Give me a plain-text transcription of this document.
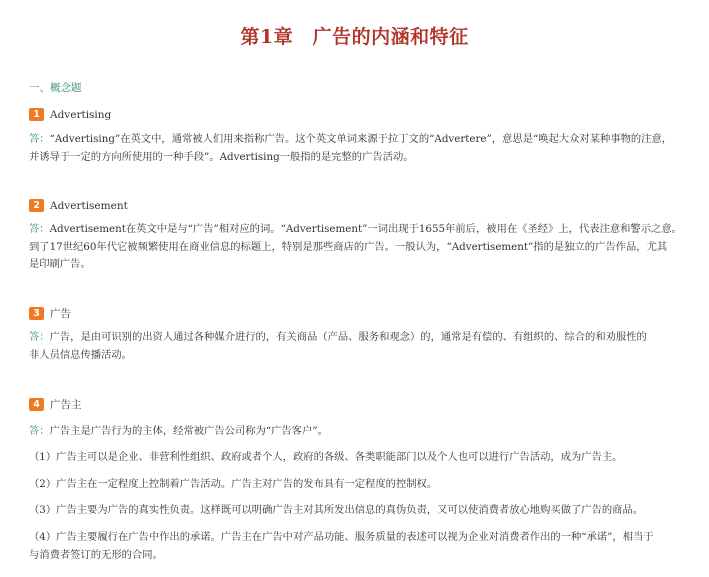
第1章　广告的内涵和特征
一、概念题
1 Advertising
答：“Advertising”在英文中，通常被人们用来指称广告。这个英文单词来源于拉丁文的“Advertere”，意思是“唤起大众对某种事物的注意，
并诱导于一定的方向所使用的一种手段”。Advertising一般指的是完整的广告活动。
2 Advertisement
答：Advertisement在英文中是与“广告”相对应的词。“Advertisement”一词出现于1655年前后，被用在《圣经》上，代表注意和警示之意。
到了17世纪60年代它被频繁使用在商业信息的标题上，特别是那些商店的广告。一般认为，“Advertisement”指的是独立的广告作品，尤其
是印刷广告。
3 广告
答：广告，是由可识别的出资人通过各种媒介进行的，有关商品（产品、服务和观念）的，通常是有偿的、有组织的、综合的和劝服性的
非人员信息传播活动。
4 广告主
答：广告主是广告行为的主体，经常被广告公司称为“广告客户”。
（1）广告主可以是企业、非营利性组织、政府或者个人，政府的各级、各类职能部门以及个人也可以进行广告活动，成为广告主。
（2）广告主在一定程度上控制着广告活动。广告主对广告的发布具有一定程度的控制权。
（3）广告主要为广告的真实性负责。这样既可以明确广告主对其所发出信息的真伪负责，又可以使消费者放心地购买做了广告的商品。
（4）广告主要履行在广告中作出的承诺。广告主在广告中对产品功能、服务质量的表述可以视为企业对消费者作出的一种“承诺”，相当于
与消费者签订的无形的合同。
